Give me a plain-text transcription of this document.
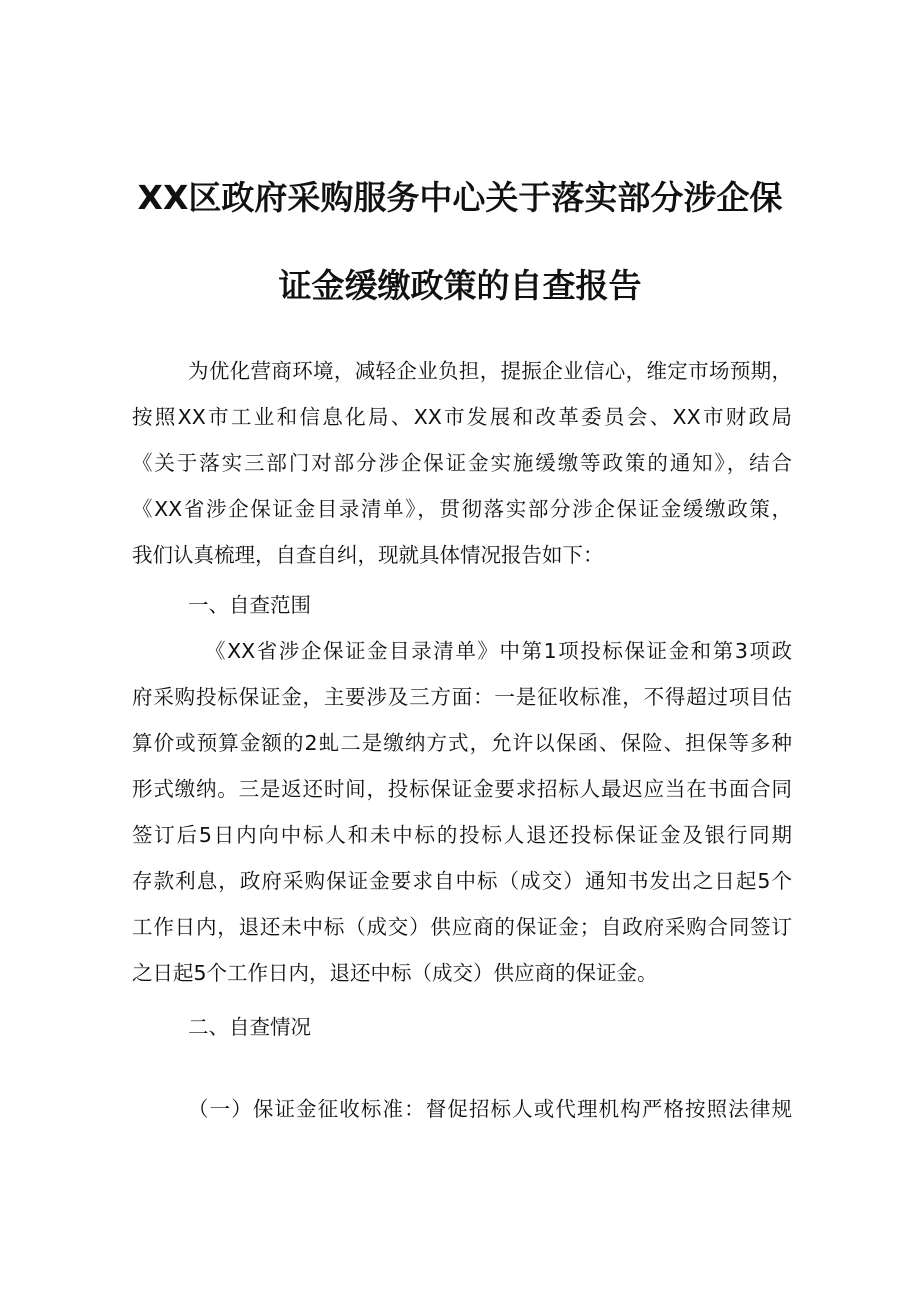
XX区政府采购服务中心关于落实部分涉企保
证金缓缴政策的自查报告
为优化营商环境，减轻企业负担，提振企业信心，维定市场预期，
按照XX市工业和信息化局、XX市发展和改革委员会、XX市财政局
《关于落实三部门对部分涉企保证金实施缓缴等政策的通知》，结合
《XX省涉企保证金目录清单》，贯彻落实部分涉企保证金缓缴政策，
我们认真梳理，自查自纠，现就具体情况报告如下：
一、自查范围
《XX省涉企保证金目录清单》中第1项投标保证金和第3项政
府采购投标保证金，主要涉及三方面：一是征收标准，不得超过项目估
算价或预算金额的2虬二是缴纳方式，允许以保函、保险、担保等多种
形式缴纳。三是返还时间，投标保证金要求招标人最迟应当在书面合同
签订后5日内向中标人和未中标的投标人退还投标保证金及银行同期
存款利息，政府采购保证金要求自中标（成交）通知书发出之日起5个
工作日内，退还未中标（成交）供应商的保证金；自政府采购合同签订
之日起5个工作日内，退还中标（成交）供应商的保证金。
二、自查情况
（一）保证金征收标准：督促招标人或代理机构严格按照法律规
